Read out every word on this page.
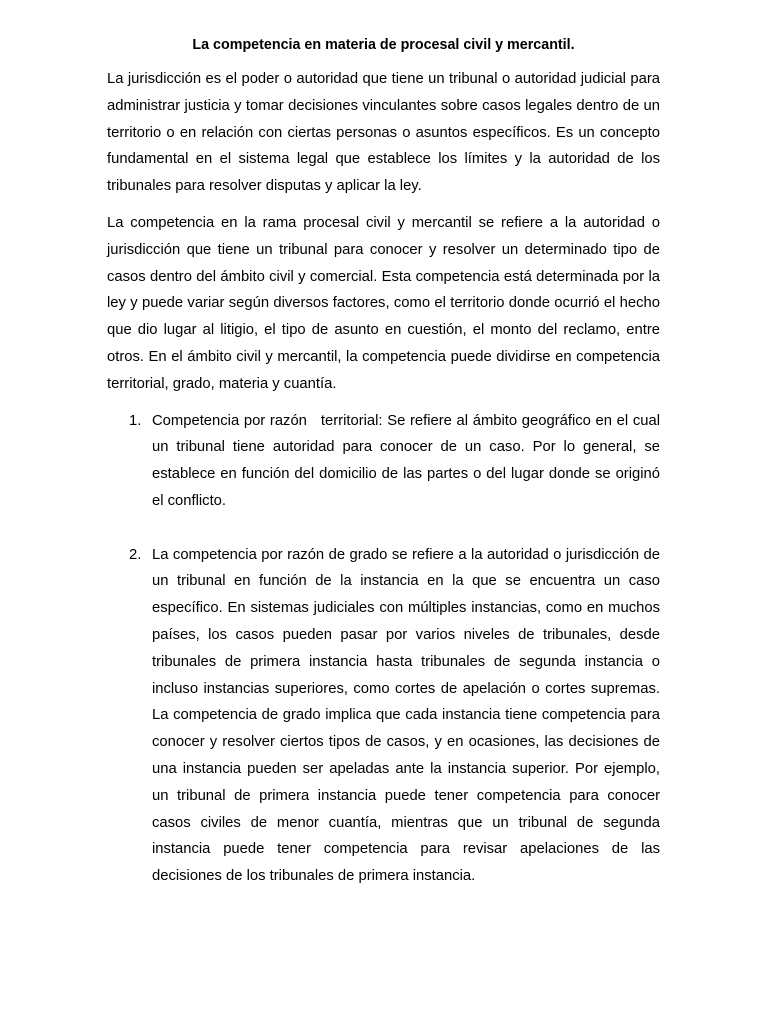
La competencia en materia de procesal civil y mercantil.

La jurisdicción es el poder o autoridad que tiene un tribunal o autoridad judicial para administrar justicia y tomar decisiones vinculantes sobre casos legales dentro de un territorio o en relación con ciertas personas o asuntos específicos. Es un concepto fundamental en el sistema legal que establece los límites y la autoridad de los tribunales para resolver disputas y aplicar la ley.

La competencia en la rama procesal civil y mercantil se refiere a la autoridad o jurisdicción que tiene un tribunal para conocer y resolver un determinado tipo de casos dentro del ámbito civil y comercial. Esta competencia está determinada por la ley y puede variar según diversos factores, como el territorio donde ocurrió el hecho que dio lugar al litigio, el tipo de asunto en cuestión, el monto del reclamo, entre otros. En el ámbito civil y mercantil, la competencia puede dividirse en competencia territorial, grado, materia y cuantía.

1. Competencia por razón   territorial: Se refiere al ámbito geográfico en el cual un tribunal tiene autoridad para conocer de un caso. Por lo general, se establece en función del domicilio de las partes o del lugar donde se originó el conflicto.
2. La competencia por razón de grado se refiere a la autoridad o jurisdicción de un tribunal en función de la instancia en la que se encuentra un caso específico. En sistemas judiciales con múltiples instancias, como en muchos países, los casos pueden pasar por varios niveles de tribunales, desde tribunales de primera instancia hasta tribunales de segunda instancia o incluso instancias superiores, como cortes de apelación o cortes supremas. La competencia de grado implica que cada instancia tiene competencia para conocer y resolver ciertos tipos de casos, y en ocasiones, las decisiones de una instancia pueden ser apeladas ante la instancia superior. Por ejemplo, un tribunal de primera instancia puede tener competencia para conocer casos civiles de menor cuantía, mientras que un tribunal de segunda instancia puede tener competencia para revisar apelaciones de las decisiones de los tribunales de primera instancia.
